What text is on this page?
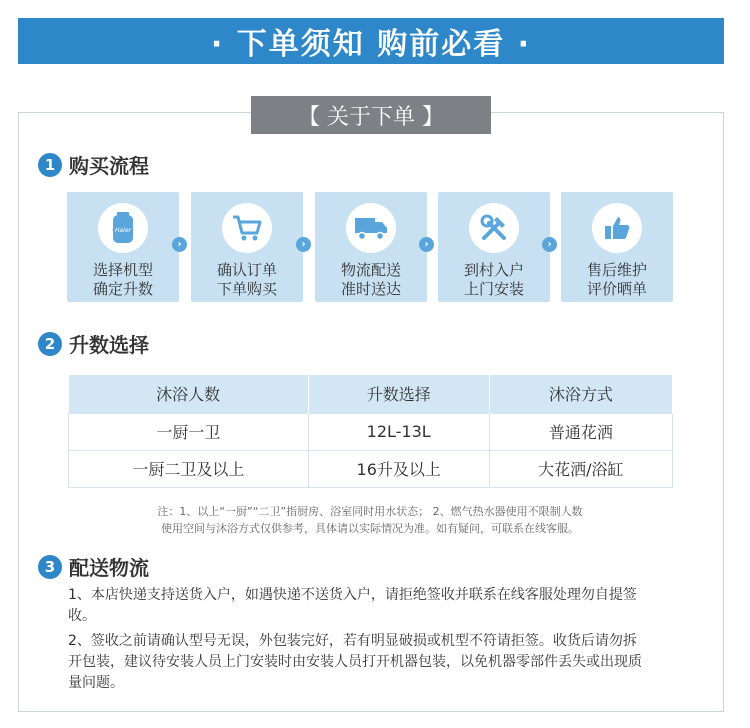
· 下单须知 购前必看 ·
【 关于下单 】
1 购买流程
Haier
选择机型
确定升数
›
确认订单
下单购买
›
物流配送
准时送达
›
到村入户
上门安装
›
售后维护
评价晒单
2 升数选择
沐浴人数	升数选择	沐浴方式
一厨一卫	12L-13L	普通花洒
一厨二卫及以上	16升及以上	大花洒/浴缸
注：1、以上“一厨”“二卫”指厨房、浴室同时用水状态； 2、燃气热水器使用不限制人数
使用空间与沐浴方式仅供参考，具体请以实际情况为准。如有疑问，可联系在线客服。
3 配送物流
1、本店快递支持送货入户，如遇快递不送货入户，请拒绝签收并联系在线客服处理勿自提签收。
2、签收之前请确认型号无误，外包装完好，若有明显破损或机型不符请拒签。收货后请勿拆开包装，建议待安装人员上门安装时由安装人员打开机器包装，以免机器零部件丢失或出现质量问题。
